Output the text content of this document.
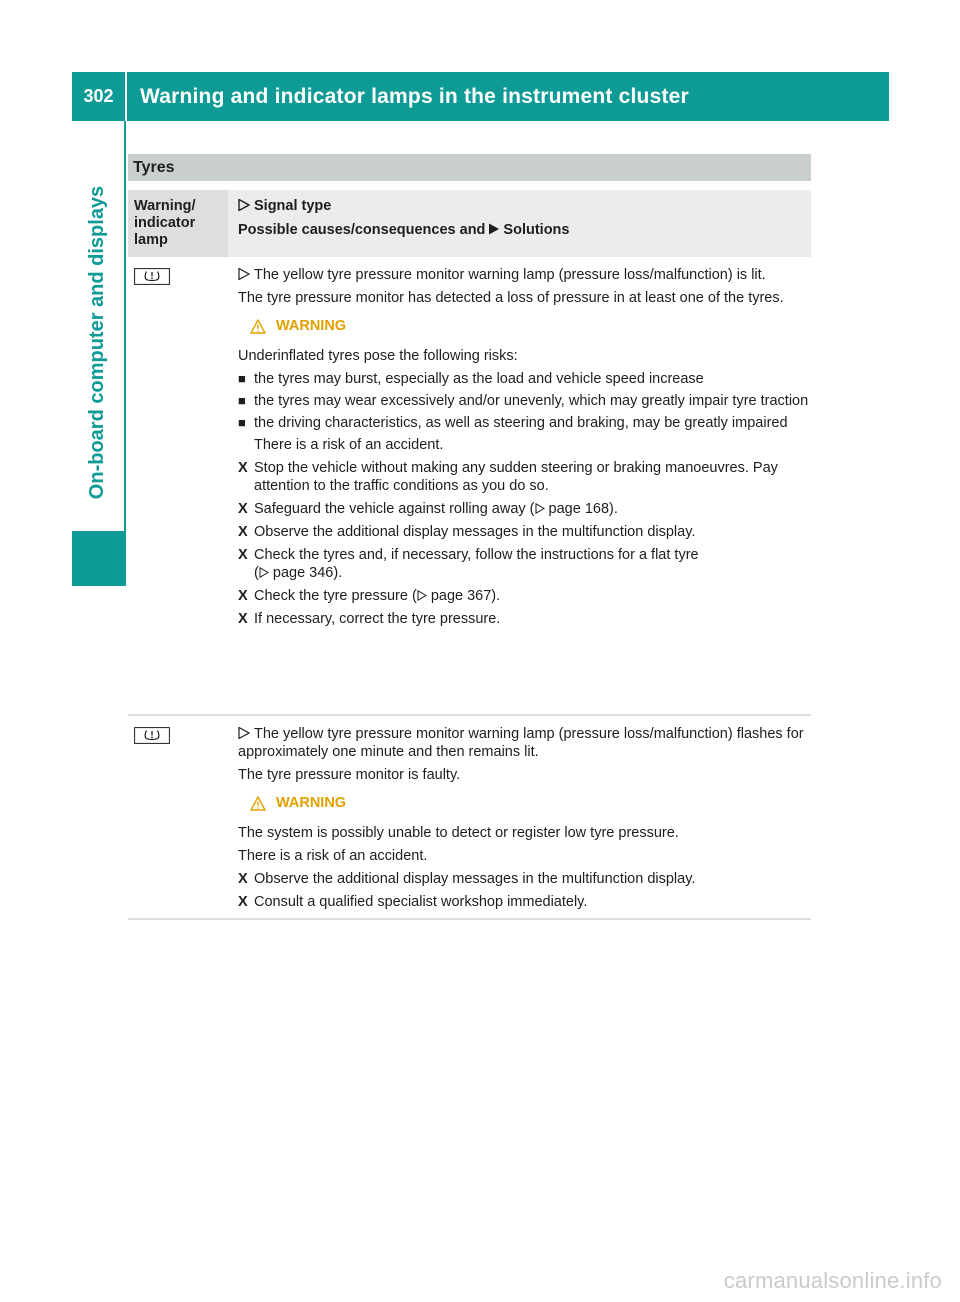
302	Warning and indicator lamps in the instrument cluster
On-board computer and displays
Tyres
Warning/
indicator
lamp
Signal type
Possible causes/consequences and Solutions
The yellow tyre pressure monitor warning lamp (pressure loss/malfunction) is lit.
The tyre pressure monitor has detected a loss of pressure in at least one of the tyres.
WARNING
Underinflated tyres pose the following risks:
■ the tyres may burst, especially as the load and vehicle speed increase
■ the tyres may wear excessively and/or unevenly, which may greatly impair tyre traction
■ the driving characteristics, as well as steering and braking, may be greatly impaired
There is a risk of an accident.
X Stop the vehicle without making any sudden steering or braking manoeuvres. Pay attention to the traffic conditions as you do so.
X Safeguard the vehicle against rolling away ( page 168).
X Observe the additional display messages in the multifunction display.
X Check the tyres and, if necessary, follow the instructions for a flat tyre
( page 346).
X Check the tyre pressure ( page 367).
X If necessary, correct the tyre pressure.
The yellow tyre pressure monitor warning lamp (pressure loss/malfunction) flashes for approximately one minute and then remains lit.
The tyre pressure monitor is faulty.
WARNING
The system is possibly unable to detect or register low tyre pressure.
There is a risk of an accident.
X Observe the additional display messages in the multifunction display.
X Consult a qualified specialist workshop immediately.
carmanualsonline.info
